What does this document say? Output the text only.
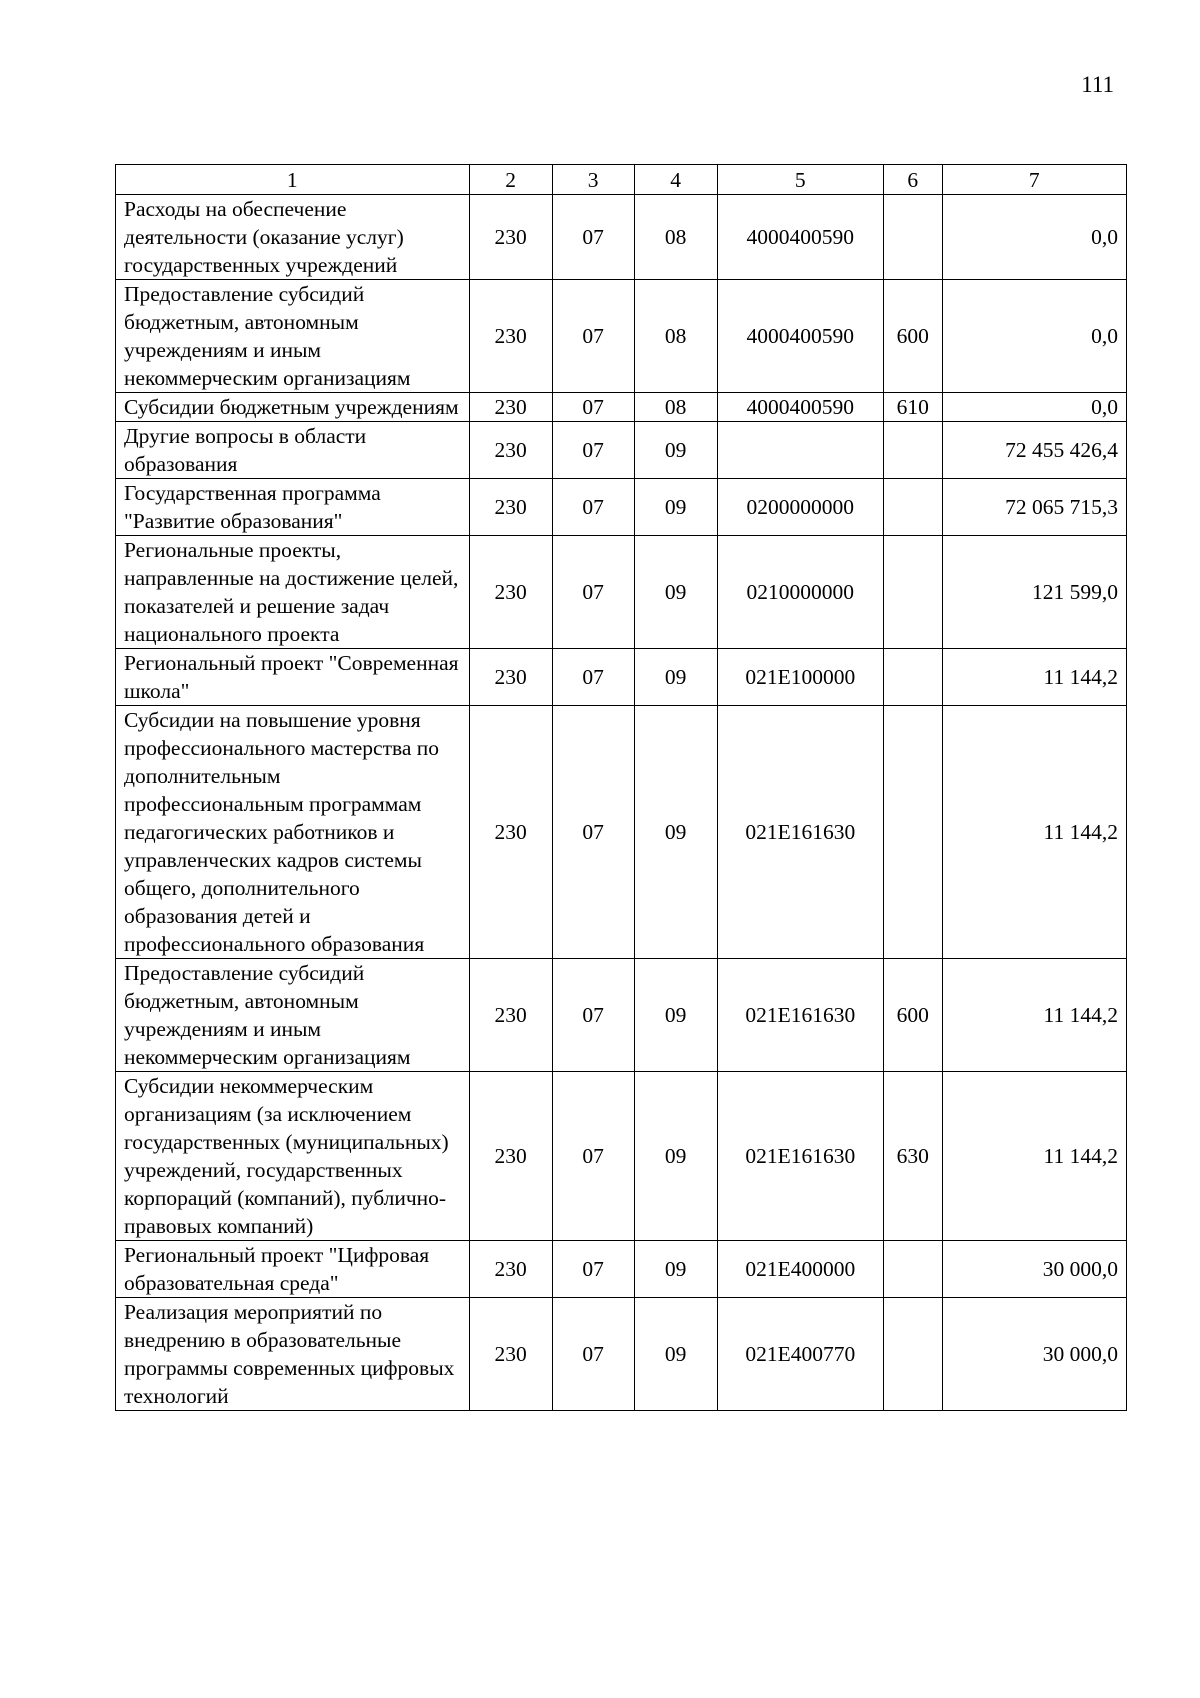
111
1	2	3	4	5	6	7
Расходы на обеспечение деятельности (оказание услуг) государственных учреждений	230	07	08	4000400590		0,0
Предоставление субсидий бюджетным, автономным учреждениям и иным некоммерческим организациям	230	07	08	4000400590	600	0,0
Субсидии бюджетным учреждениям	230	07	08	4000400590	610	0,0
Другие вопросы в области образования	230	07	09			72 455 426,4
Государственная программа "Развитие образования"	230	07	09	0200000000		72 065 715,3
Региональные проекты, направленные на достижение целей, показателей и решение задач национального проекта	230	07	09	0210000000		121 599,0
Региональный проект "Современная школа"	230	07	09	021E100000		11 144,2
Субсидии на повышение уровня профессионального мастерства по дополнительным профессиональным программам педагогических работников и управленческих кадров системы общего, дополнительного образования детей и профессионального образования	230	07	09	021E161630		11 144,2
Предоставление субсидий бюджетным, автономным учреждениям и иным некоммерческим организациям	230	07	09	021E161630	600	11 144,2
Субсидии некоммерческим организациям (за исключением государственных (муниципальных) учреждений, государственных корпораций (компаний), публично-правовых компаний)	230	07	09	021E161630	630	11 144,2
Региональный проект "Цифровая образовательная среда"	230	07	09	021E400000		30 000,0
Реализация мероприятий по внедрению в образовательные программы современных цифровых технологий	230	07	09	021E400770		30 000,0
